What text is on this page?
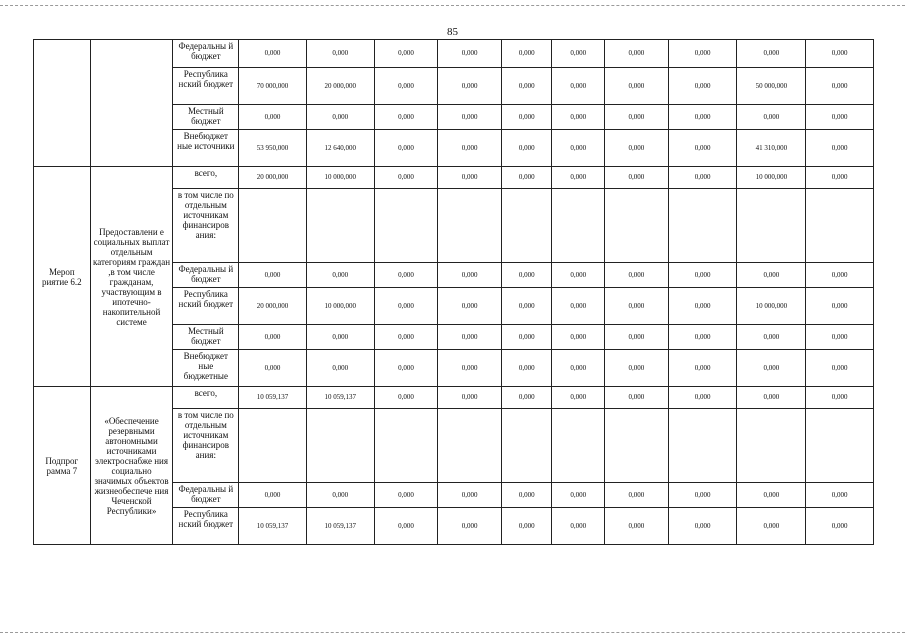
85
		Федеральны й бюджет	0,000	0,000	0,000	0,000	0,000	0,000	0,000	0,000	0,000	0,000
		Республика нский бюджет	70 000,000	20 000,000	0,000	0,000	0,000	0,000	0,000	0,000	50 000,000	0,000
		Местный бюджет	0,000	0,000	0,000	0,000	0,000	0,000	0,000	0,000	0,000	0,000
		Внебюджет ные источники	53 950,000	12 640,000	0,000	0,000	0,000	0,000	0,000	0,000	41 310,000	0,000
Мероп риятие 6.2	Предоставлени е социальных выплат отдельным категориям граждан ,в том числе гражданам, участвующим в ипотечно-накопительной системе	всего,	20 000,000	10 000,000	0,000	0,000	0,000	0,000	0,000	0,000	10 000,000	0,000
		в том числе по отдельным источникам финансиров ания:										
		Федеральны й бюджет	0,000	0,000	0,000	0,000	0,000	0,000	0,000	0,000	0,000	0,000
		Республика нский бюджет	20 000,000	10 000,000	0,000	0,000	0,000	0,000	0,000	0,000	10 000,000	0,000
		Местный бюджет	0,000	0,000	0,000	0,000	0,000	0,000	0,000	0,000	0,000	0,000
		Внебюджет ные бюджетные	0,000	0,000	0,000	0,000	0,000	0,000	0,000	0,000	0,000	0,000
Подпрог рамма 7	«Обеспечение резервными автономными источниками электроснабже ния социально значимых объектов жизнеобеспече ния Чеченской Республики»	всего,	10 059,137	10 059,137	0,000	0,000	0,000	0,000	0,000	0,000	0,000	0,000
		в том числе по отдельным источникам финансиров ания:										
		Федеральны й бюджет	0,000	0,000	0,000	0,000	0,000	0,000	0,000	0,000	0,000	0,000
		Республика нский бюджет	10 059,137	10 059,137	0,000	0,000	0,000	0,000	0,000	0,000	0,000	0,000
